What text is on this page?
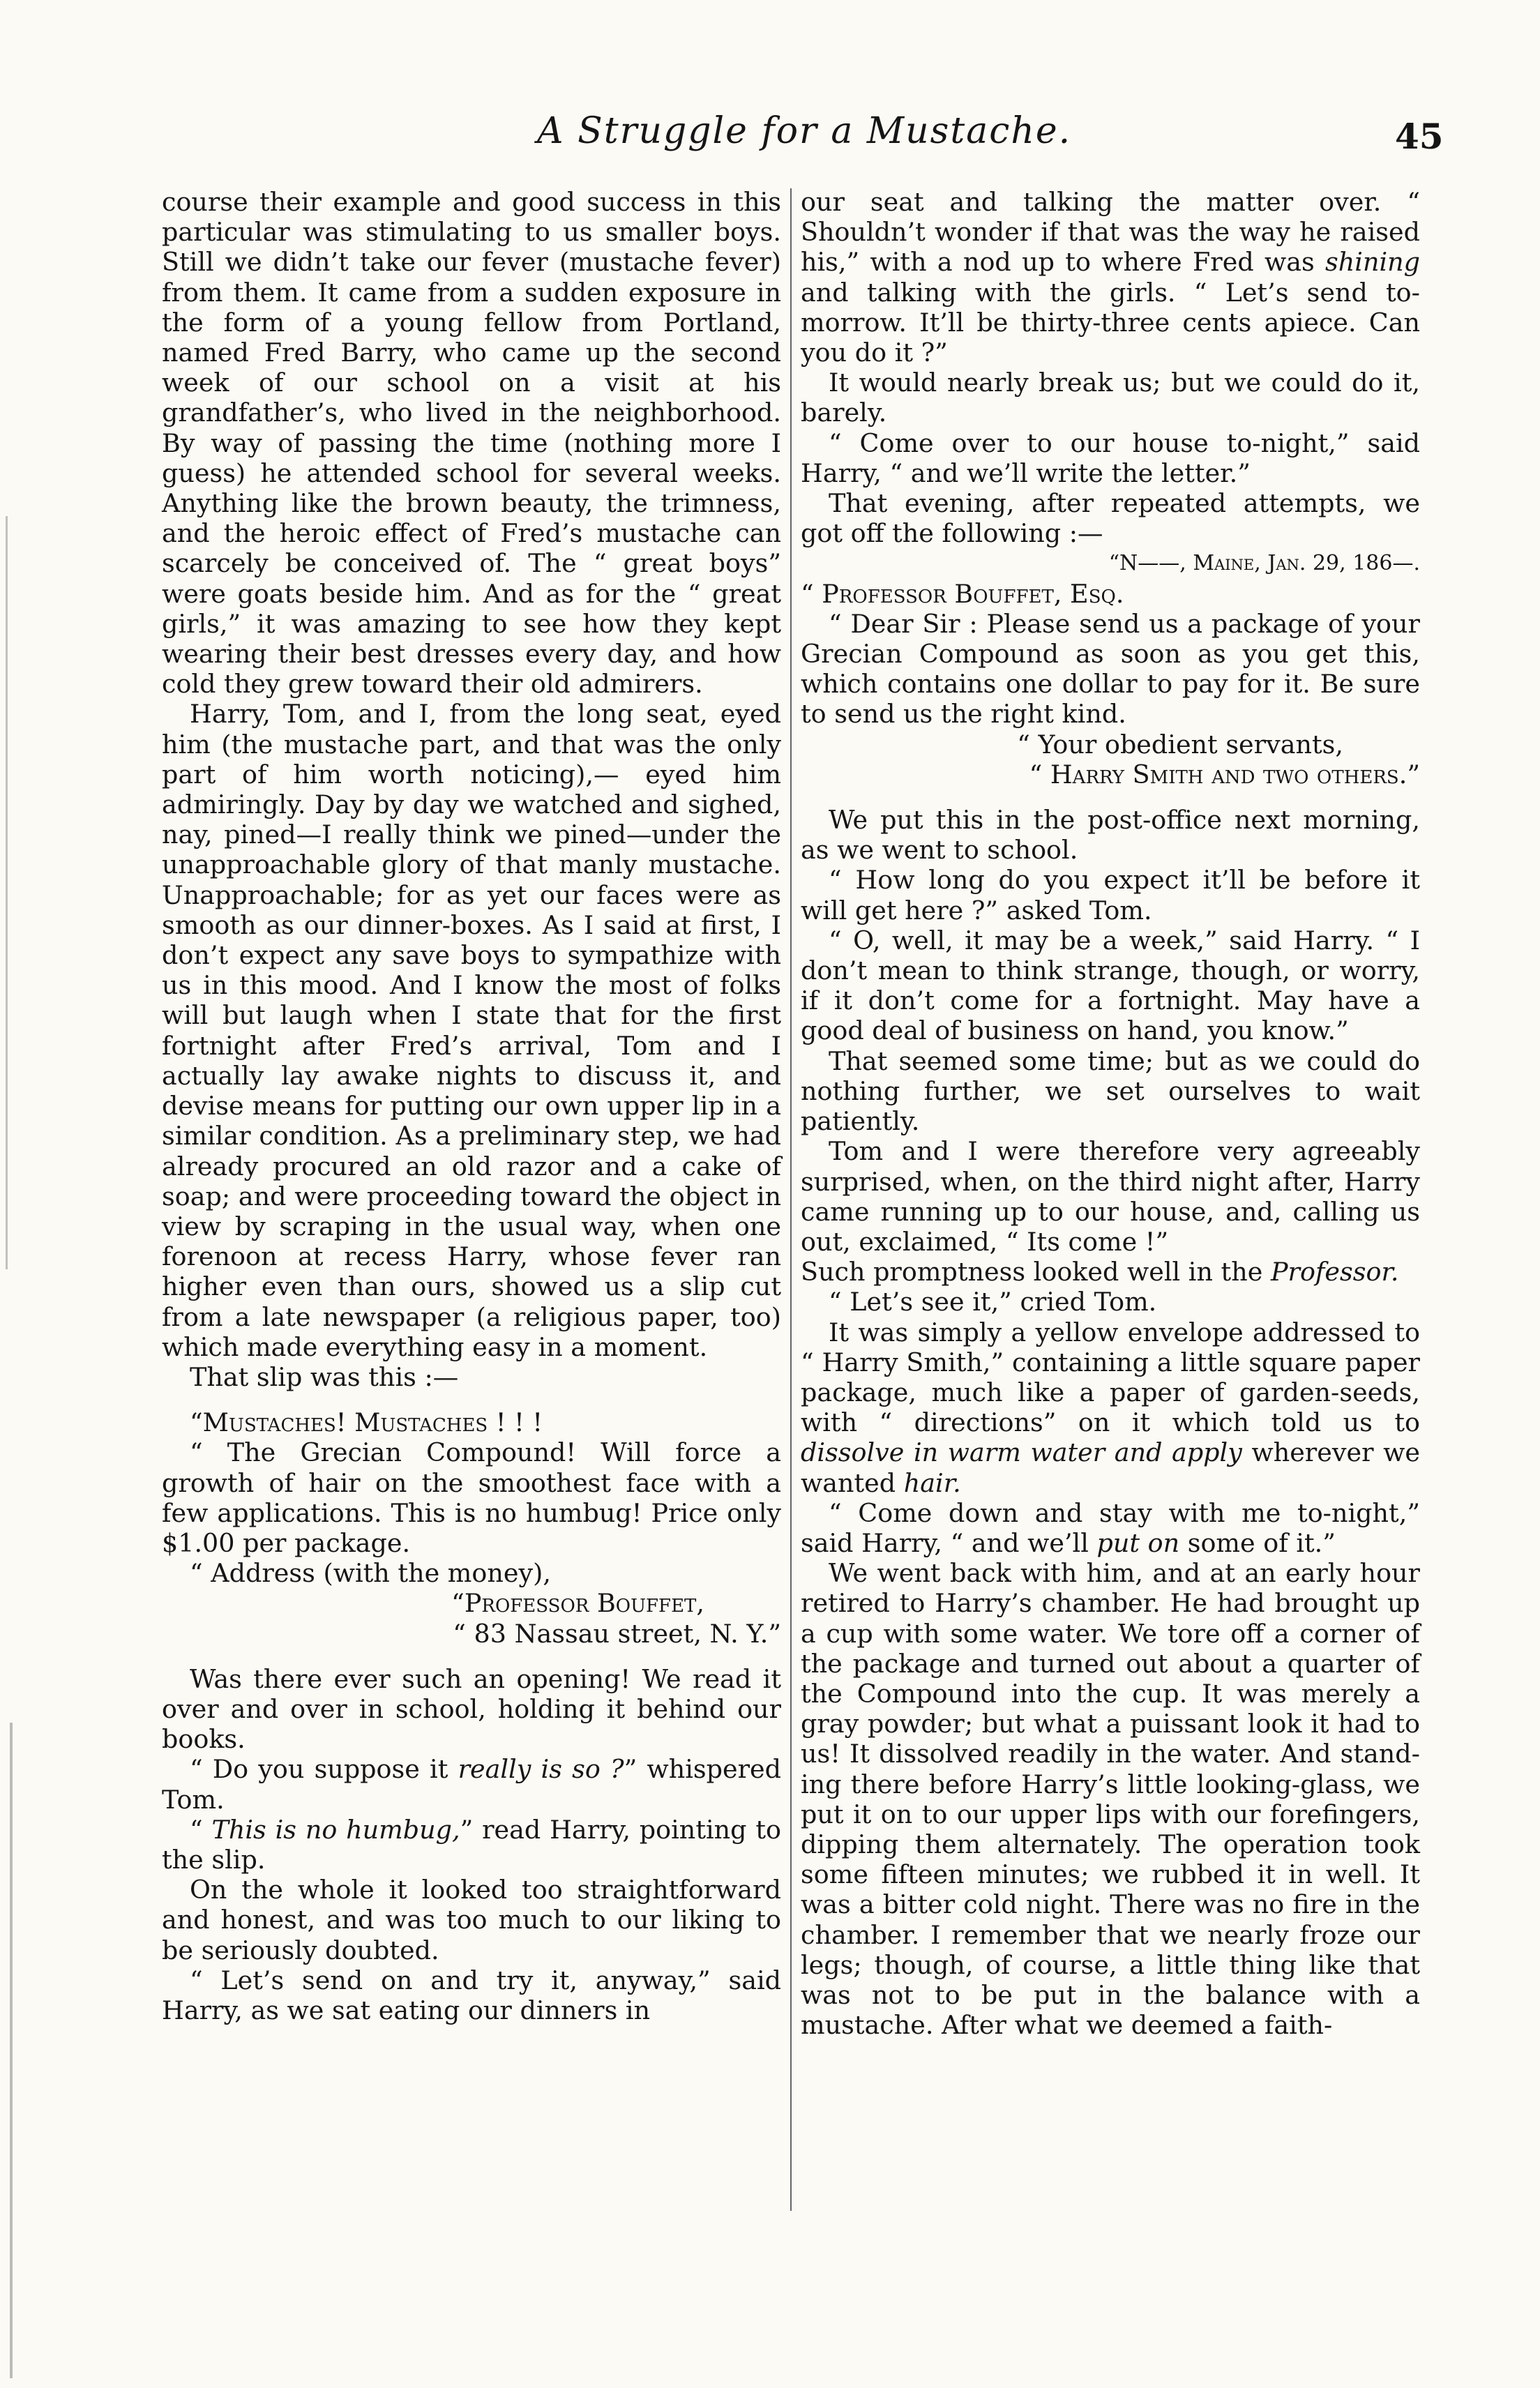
A Struggle for a Mustache.	45

course their example and good success in this particular was stimulating to us smaller boys. Still we didn’t take our fever (mustache fever) from them. It came from a sudden exposure in the form of a young fellow from Portland, named Fred Barry, who came up the second week of our school on a visit at his grandfather’s, who lived in the neighborhood. By way of passing the time (nothing more I guess) he attended school for several weeks. Anything like the brown beauty, the trimness, and the heroic effect of Fred’s mustache can scarcely be conceived of. The “ great boys” were goats beside him. And as for the “ great girls,” it was amazing to see how they kept wearing their best dresses every day, and how cold they grew toward their old admirers.

Harry, Tom, and I, from the long seat, eyed him (the mustache part, and that was the only part of him worth noticing),— eyed him admiringly. Day by day we watched and sighed, nay, pined—I really think we pined—under the unapproachable glory of that manly mustache. Unapproachable; for as yet our faces were as smooth as our dinner-boxes. As I said at first, I don’t expect any save boys to sympathize with us in this mood. And I know the most of folks will but laugh when I state that for the first fortnight after Fred’s arrival, Tom and I actually lay awake nights to discuss it, and devise means for putting our own upper lip in a similar condition. As a preliminary step, we had already procured an old razor and a cake of soap; and were proceeding toward the object in view by scraping in the usual way, when one forenoon at recess Harry, whose fever ran higher even than ours, showed us a slip cut from a late newspaper (a religious paper, too) which made everything easy in a moment.

That slip was this :—

“Mustaches! Mustaches ! ! !

“ The Grecian Compound! Will force a growth of hair on the smoothest face with a few applications. This is no humbug! Price only $1.00 per package.

“ Address (with the money),

“Professor Bouffet,

“ 83 Nassau street, N. Y.”

Was there ever such an opening! We read it over and over in school, holding it behind our books.

“ Do you suppose it really is so ?” whispered Tom.

“ This is no humbug,” read Harry, pointing to the slip.

On the whole it looked too straightforward and honest, and was too much to our liking to be seriously doubted.

“ Let’s send on and try it, anyway,” said Harry, as we sat eating our dinners in

our seat and talking the matter over. “ Shouldn’t wonder if that was the way he raised his,” with a nod up to where Fred was shining and talking with the girls. “ Let’s send to-morrow. It’ll be thirty-three cents apiece. Can you do it ?”

It would nearly break us; but we could do it, barely.

“ Come over to our house to-night,” said Harry, “ and we’ll write the letter.”

That evening, after repeated attempts, we got off the following :—

“N——, Maine, Jan. 29, 186—.

“ Professor Bouffet, Esq.

“ Dear Sir : Please send us a package of your Grecian Compound as soon as you get this, which contains one dollar to pay for it. Be sure to send us the right kind.

“ Your obedient servants,

“ Harry Smith and two others.”

We put this in the post-office next morning, as we went to school.

“ How long do you expect it’ll be before it will get here ?” asked Tom.

“ O, well, it may be a week,” said Harry. “ I don’t mean to think strange, though, or worry, if it don’t come for a fortnight. May have a good deal of business on hand, you know.”

That seemed some time; but as we could do nothing further, we set ourselves to wait patiently.

Tom and I were therefore very agreeably surprised, when, on the third night after, Harry came running up to our house, and, calling us out, exclaimed, “ Its come !”

Such promptness looked well in the Professor.

“ Let’s see it,” cried Tom.

It was simply a yellow envelope addressed to “ Harry Smith,” containing a little square paper package, much like a paper of garden-seeds, with “ directions” on it which told us to dissolve in warm water and apply wherever we wanted hair.

“ Come down and stay with me to-night,” said Harry, “ and we’ll put on some of it.”

We went back with him, and at an early hour retired to Harry’s chamber. He had brought up a cup with some water. We tore off a corner of the package and turned out about a quarter of the Compound into the cup. It was merely a gray powder; but what a puissant look it had to us! It dissolved readily in the water. And standing there before Harry’s little looking-glass, we put it on to our upper lips with our forefingers, dipping them alternately. The operation took some fifteen minutes; we rubbed it in well. It was a bitter cold night. There was no fire in the chamber. I remember that we nearly froze our legs; though, of course, a little thing like that was not to be put in the balance with a mustache. After what we deemed a faith-
